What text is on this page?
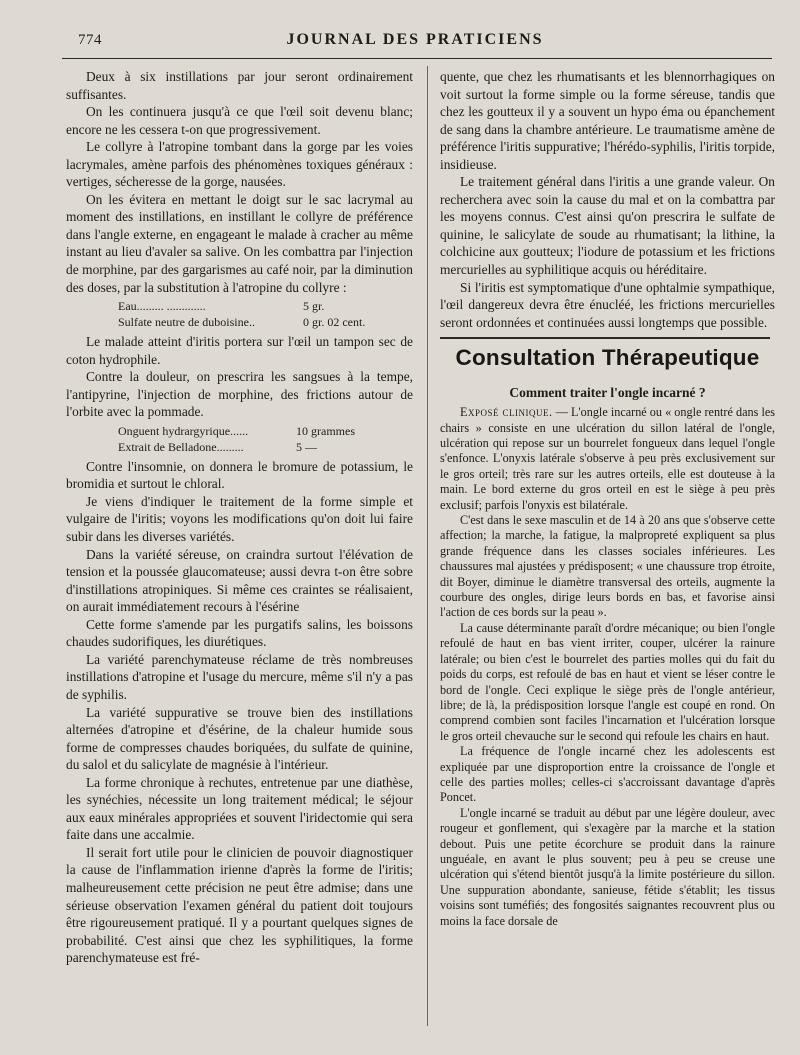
774	JOURNAL DES PRATICIENS

Deux à six instillations par jour seront ordinairement suffisantes.

On les continuera jusqu'à ce que l'œil soit devenu blanc; encore ne les cessera t-on que progressivement.

Le collyre à l'atropine tombant dans la gorge par les voies lacrymales, amène parfois des phénomènes toxiques généraux : vertiges, sécheresse de la gorge, nausées.

On les évitera en mettant le doigt sur le sac lacrymal au moment des instillations, en instillant le collyre de préférence dans l'angle externe, en engageant le malade à cracher au même instant au lieu d'avaler sa salive. On les combattra par l'injection de morphine, par des gargarismes au café noir, par la diminution des doses, par la substitution à l'atropine du collyre :

Eau......... .............	5 gr.
Sulfate neutre de duboisine..	0 gr. 02 cent.

Le malade atteint d'iritis portera sur l'œil un tampon sec de coton hydrophile.

Contre la douleur, on prescrira les sangsues à la tempe, l'antipyrine, l'injection de morphine, des frictions autour de l'orbite avec la pommade.

Onguent hydrargyrique......	10 grammes
Extrait de Belladone.........	5 —

Contre l'insomnie, on donnera le bromure de potassium, le bromidia et surtout le chloral.

Je viens d'indiquer le traitement de la forme simple et vulgaire de l'iritis; voyons les modifications qu'on doit lui faire subir dans les diverses variétés.

Dans la variété séreuse, on craindra surtout l'élévation de tension et la poussée glaucomateuse; aussi devra t-on être sobre d'instillations atropiniques. Si même ces craintes se réalisaient, on aurait immédiatement recours à l'ésérine

Cette forme s'amende par les purgatifs salins, les boissons chaudes sudorifiques, les diurétiques.

La variété parenchymateuse réclame de très nombreuses instillations d'atropine et l'usage du mercure, même s'il n'y a pas de syphilis.

La variété suppurative se trouve bien des instillations alternées d'atropine et d'ésérine, de la chaleur humide sous forme de compresses chaudes boriquées, du sulfate de quinine, du salol et du salicylate de magnésie à l'intérieur.

La forme chronique à rechutes, entretenue par une diathèse, les synéchies, nécessite un long traitement médical; le séjour aux eaux minérales appropriées et souvent l'iridectomie qui sera faite dans une accalmie.

Il serait fort utile pour le clinicien de pouvoir diagnostiquer la cause de l'inflammation irienne d'après la forme de l'iritis; malheureusement cette précision ne peut être admise; dans une sérieuse observation l'examen général du patient doit toujours être rigoureusement pratiqué. Il y a pourtant quelques signes de probabilité. C'est ainsi que chez les syphilitiques, la forme parenchymateuse est fré-

quente, que chez les rhumatisants et les blennorrhagiques on voit surtout la forme simple ou la forme séreuse, tandis que chez les goutteux il y a souvent un hypo éma ou épanchement de sang dans la chambre antérieure. Le traumatisme amène de préférence l'iritis suppurative; l'hérédo-syphilis, l'iritis torpide, insidieuse.

Le traitement général dans l'iritis a une grande valeur. On recherchera avec soin la cause du mal et on la combattra par les moyens connus. C'est ainsi qu'on prescrira le sulfate de quinine, le salicylate de soude au rhumatisant; la lithine, la colchicine aux goutteux; l'iodure de potassium et les frictions mercurielles au syphilitique acquis ou héréditaire.

Si l'iritis est symptomatique d'une ophtalmie sympathique, l'œil dangereux devra être énucléé, les frictions mercurielles seront ordonnées et continuées aussi longtemps que possible.

Consultation Thérapeutique
Comment traiter l'ongle incarné ?

Exposé clinique. — L'ongle incarné ou « ongle rentré dans les chairs » consiste en une ulcération du sillon latéral de l'ongle, ulcération qui repose sur un bourrelet fongueux dans lequel l'ongle s'enfonce. L'onyxis latérale s'observe à peu près exclusivement sur le gros orteil; très rare sur les autres orteils, elle est douteuse à la main. Le bord externe du gros orteil en est le siège à peu près exclusif; parfois l'onyxis est bilatérale.

C'est dans le sexe masculin et de 14 à 20 ans que s'observe cette affection; la marche, la fatigue, la malpropreté expliquent sa plus grande fréquence dans les classes sociales inférieures. Les chaussures mal ajustées y prédisposent; « une chaussure trop étroite, dit Boyer, diminue le diamètre transversal des orteils, augmente la courbure des ongles, dirige leurs bords en bas, et favorise ainsi l'action de ces bords sur la peau ».

La cause déterminante paraît d'ordre mécanique; ou bien l'ongle refoulé de haut en bas vient irriter, couper, ulcérer la rainure latérale; ou bien c'est le bourrelet des parties molles qui du fait du poids du corps, est refoulé de bas en haut et vient se léser contre le bord de l'ongle. Ceci explique le siège près de l'ongle antérieur, libre; de là, la prédisposition lorsque l'angle est coupé en rond. On comprend combien sont faciles l'incarnation et l'ulcération lorsque le gros orteil chevauche sur le second qui refoule les chairs en haut.

La fréquence de l'ongle incarné chez les adolescents est expliquée par une disproportion entre la croissance de l'ongle et celle des parties molles; celles-ci s'accroissant davantage d'après Poncet.

L'ongle incarné se traduit au début par une légère douleur, avec rougeur et gonflement, qui s'exagère par la marche et la station debout. Puis une petite écorchure se produit dans la rainure unguéale, en avant le plus souvent; peu à peu se creuse une ulcération qui s'étend bientôt jusqu'à la limite postérieure du sillon. Une suppuration abondante, sanieuse, fétide s'établit; les tissus voisins sont tuméfiés; des fongosités saignantes recouvrent plus ou moins la face dorsale de
